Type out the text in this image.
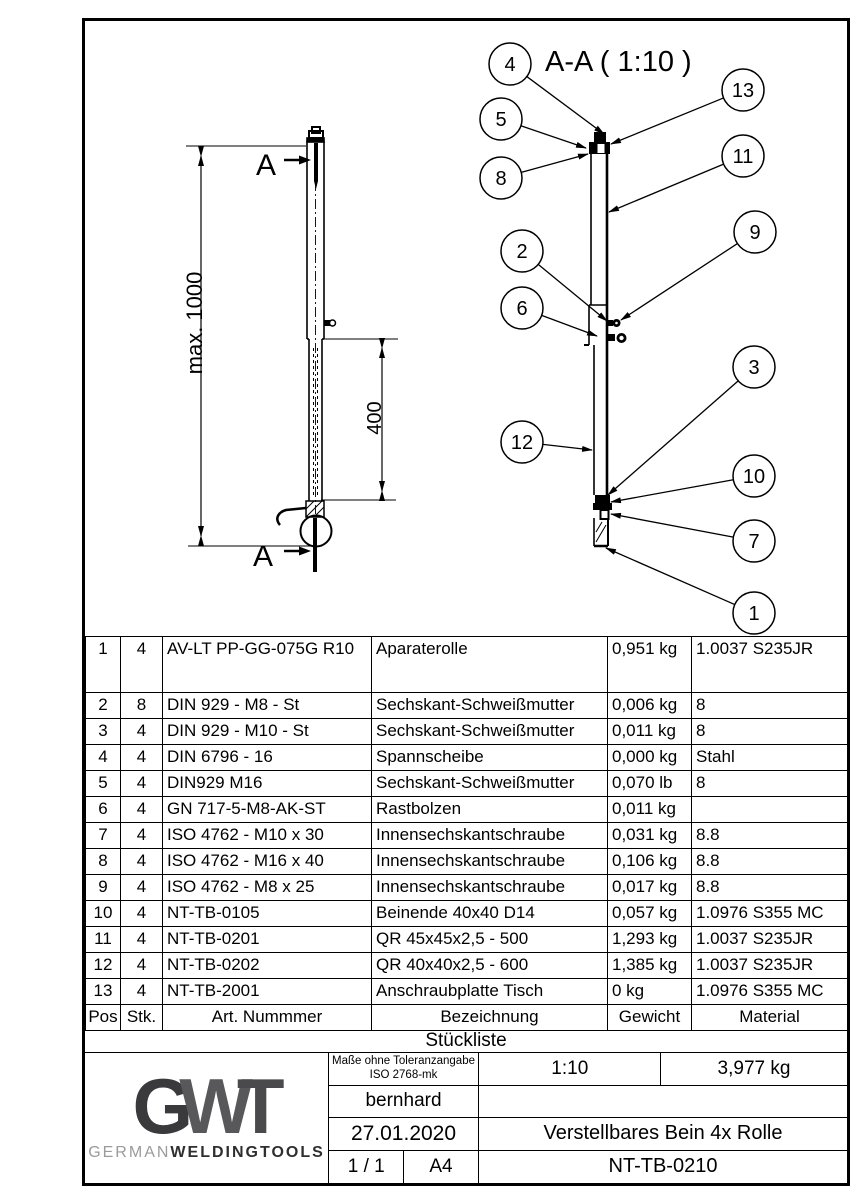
max. 1000
400
A
A
A-A ( 1:10 )
4
5
8
13
11
9
2
6
3
12
10
7
1
1	4	AV-LT PP-GG-075G R10	Aparaterolle	0,951 kg	1.0037 S235JR
2	8	DIN 929 - M8 - St	Sechskant-Schweißmutter	0,006 kg	8
3	4	DIN 929 - M10 - St	Sechskant-Schweißmutter	0,011 kg	8
4	4	DIN 6796 - 16	Spannscheibe	0,000 kg	Stahl
5	4	DIN929 M16	Sechskant-Schweißmutter	0,070 lb	8
6	4	GN 717-5-M8-AK-ST	Rastbolzen	0,011 kg	
7	4	ISO 4762 - M10 x 30	Innensechskantschraube	0,031 kg	8.8
8	4	ISO 4762 - M16 x 40	Innensechskantschraube	0,106 kg	8.8
9	4	ISO 4762 - M8 x 25	Innensechskantschraube	0,017 kg	8.8
10	4	NT-TB-0105	Beinende 40x40 D14	0,057 kg	1.0976 S355 MC
11	4	NT-TB-0201	QR 45x45x2,5 - 500	1,293 kg	1.0037 S235JR
12	4	NT-TB-0202	QR 40x40x2,5 - 600	1,385 kg	1.0037 S235JR
13	4	NT-TB-2001	Anschraubplatte Tisch	0 kg	1.0976 S355 MC
Pos	Stk.	Art. Nummmer	Bezeichnung	Gewicht	Material
Stückliste
G
W
T
GERMANWELDINGTOOLS
Maße ohne Toleranzangabe
ISO 2768-mk
bernhard
27.01.2020
1 / 1	A4
1:10	3,977 kg
Verstellbares Bein 4x Rolle
NT-TB-0210
